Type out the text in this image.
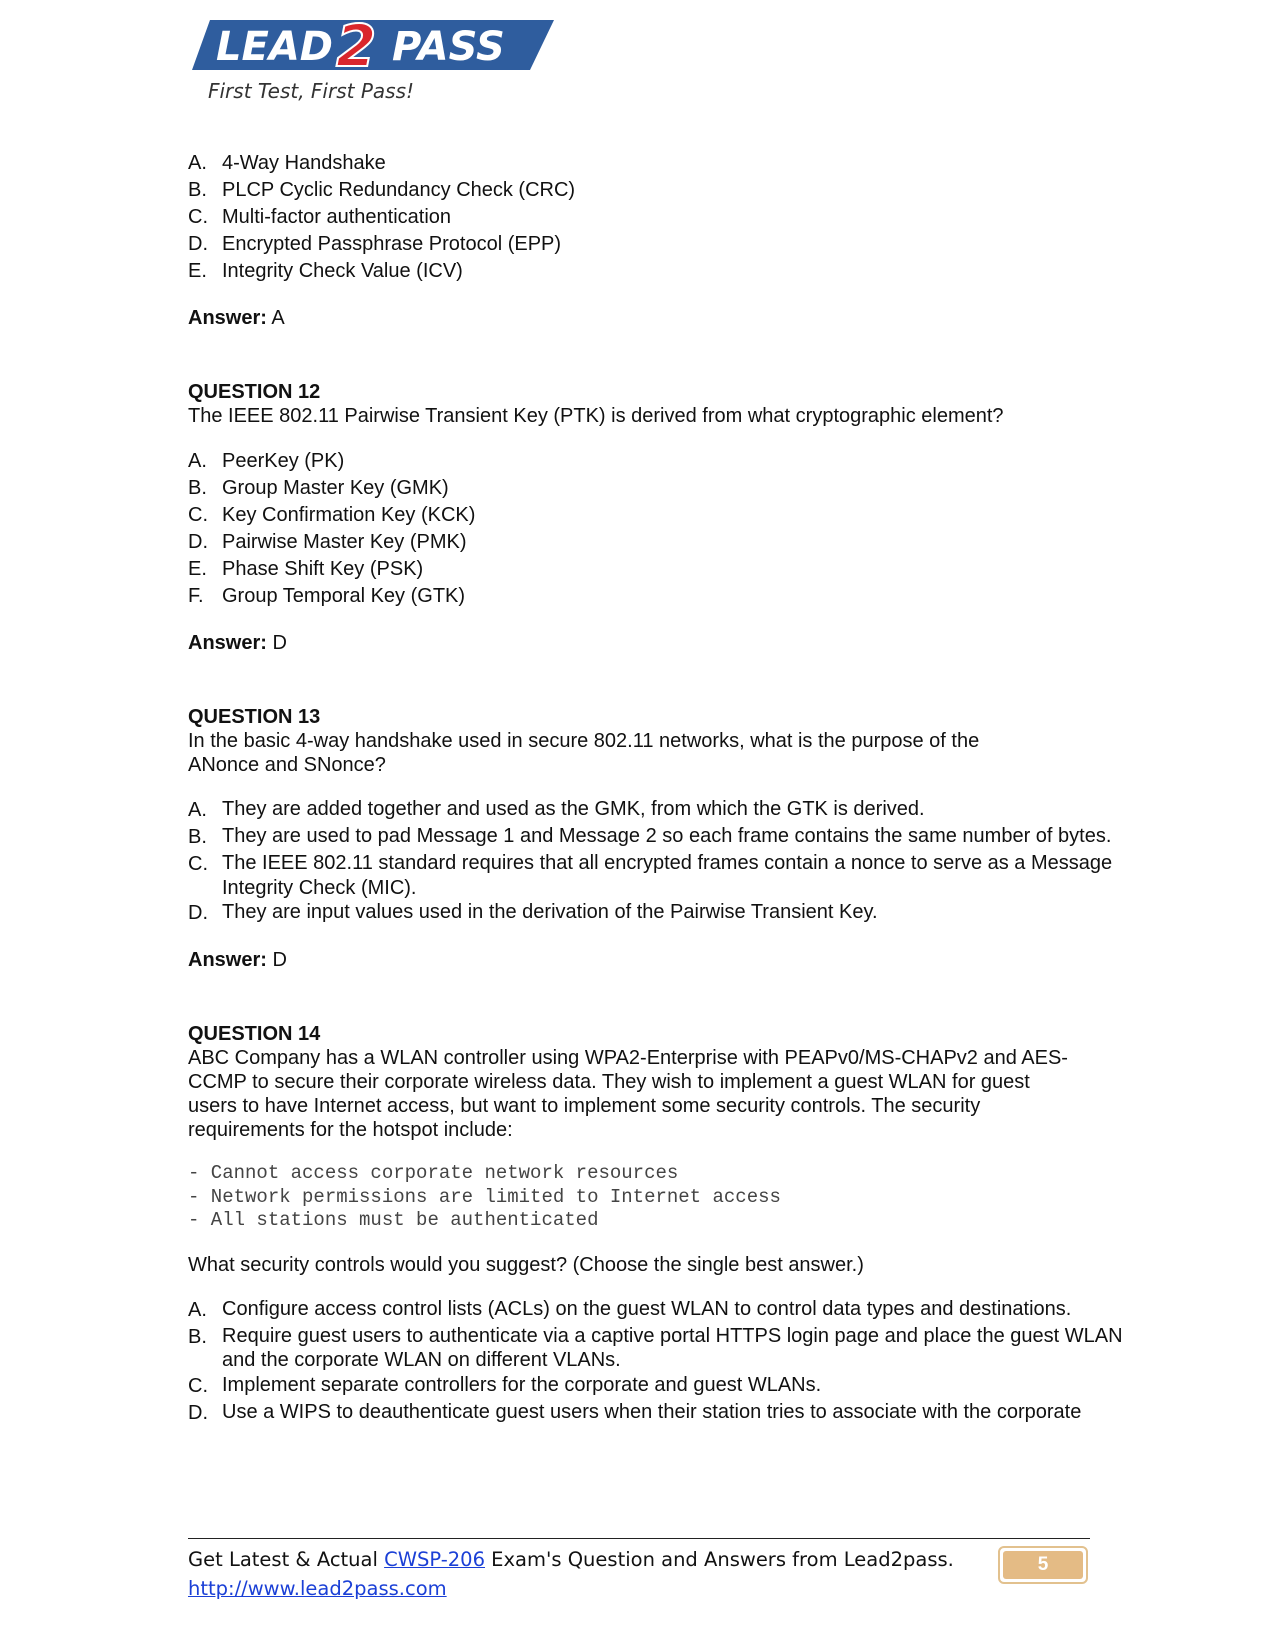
LEAD PASS
2
First Test, First Pass!
A. 4-Way Handshake
B. PLCP Cyclic Redundancy Check (CRC)
C. Multi-factor authentication
D. Encrypted Passphrase Protocol (EPP)
E. Integrity Check Value (ICV)
Answer: A
QUESTION 12
The IEEE 802.11 Pairwise Transient Key (PTK) is derived from what cryptographic element?
A. PeerKey (PK)
B. Group Master Key (GMK)
C. Key Confirmation Key (KCK)
D. Pairwise Master Key (PMK)
E. Phase Shift Key (PSK)
F. Group Temporal Key (GTK)
Answer: D
QUESTION 13
In the basic 4-way handshake used in secure 802.11 networks, what is the purpose of the ANonce and SNonce?
A. They are added together and used as the GMK, from which the GTK is derived.
B. They are used to pad Message 1 and Message 2 so each frame contains the same number of bytes.
C. The IEEE 802.11 standard requires that all encrypted frames contain a nonce to serve as a Message Integrity Check (MIC).
D. They are input values used in the derivation of the Pairwise Transient Key.
Answer: D
QUESTION 14
ABC Company has a WLAN controller using WPA2-Enterprise with PEAPv0/MS-CHAPv2 and AES-CCMP to secure their corporate wireless data. They wish to implement a guest WLAN for guest users to have Internet access, but want to implement some security controls. The security requirements for the hotspot include:
- Cannot access corporate network resources
- Network permissions are limited to Internet access
- All stations must be authenticated
What security controls would you suggest? (Choose the single best answer.)
A. Configure access control lists (ACLs) on the guest WLAN to control data types and destinations.
B. Require guest users to authenticate via a captive portal HTTPS login page and place the guest WLAN and the corporate WLAN on different VLANs.
C. Implement separate controllers for the corporate and guest WLANs.
D. Use a WIPS to deauthenticate guest users when their station tries to associate with the corporate
Get Latest & Actual CWSP-206 Exam's Question and Answers from Lead2pass.
http://www.lead2pass.com
5
